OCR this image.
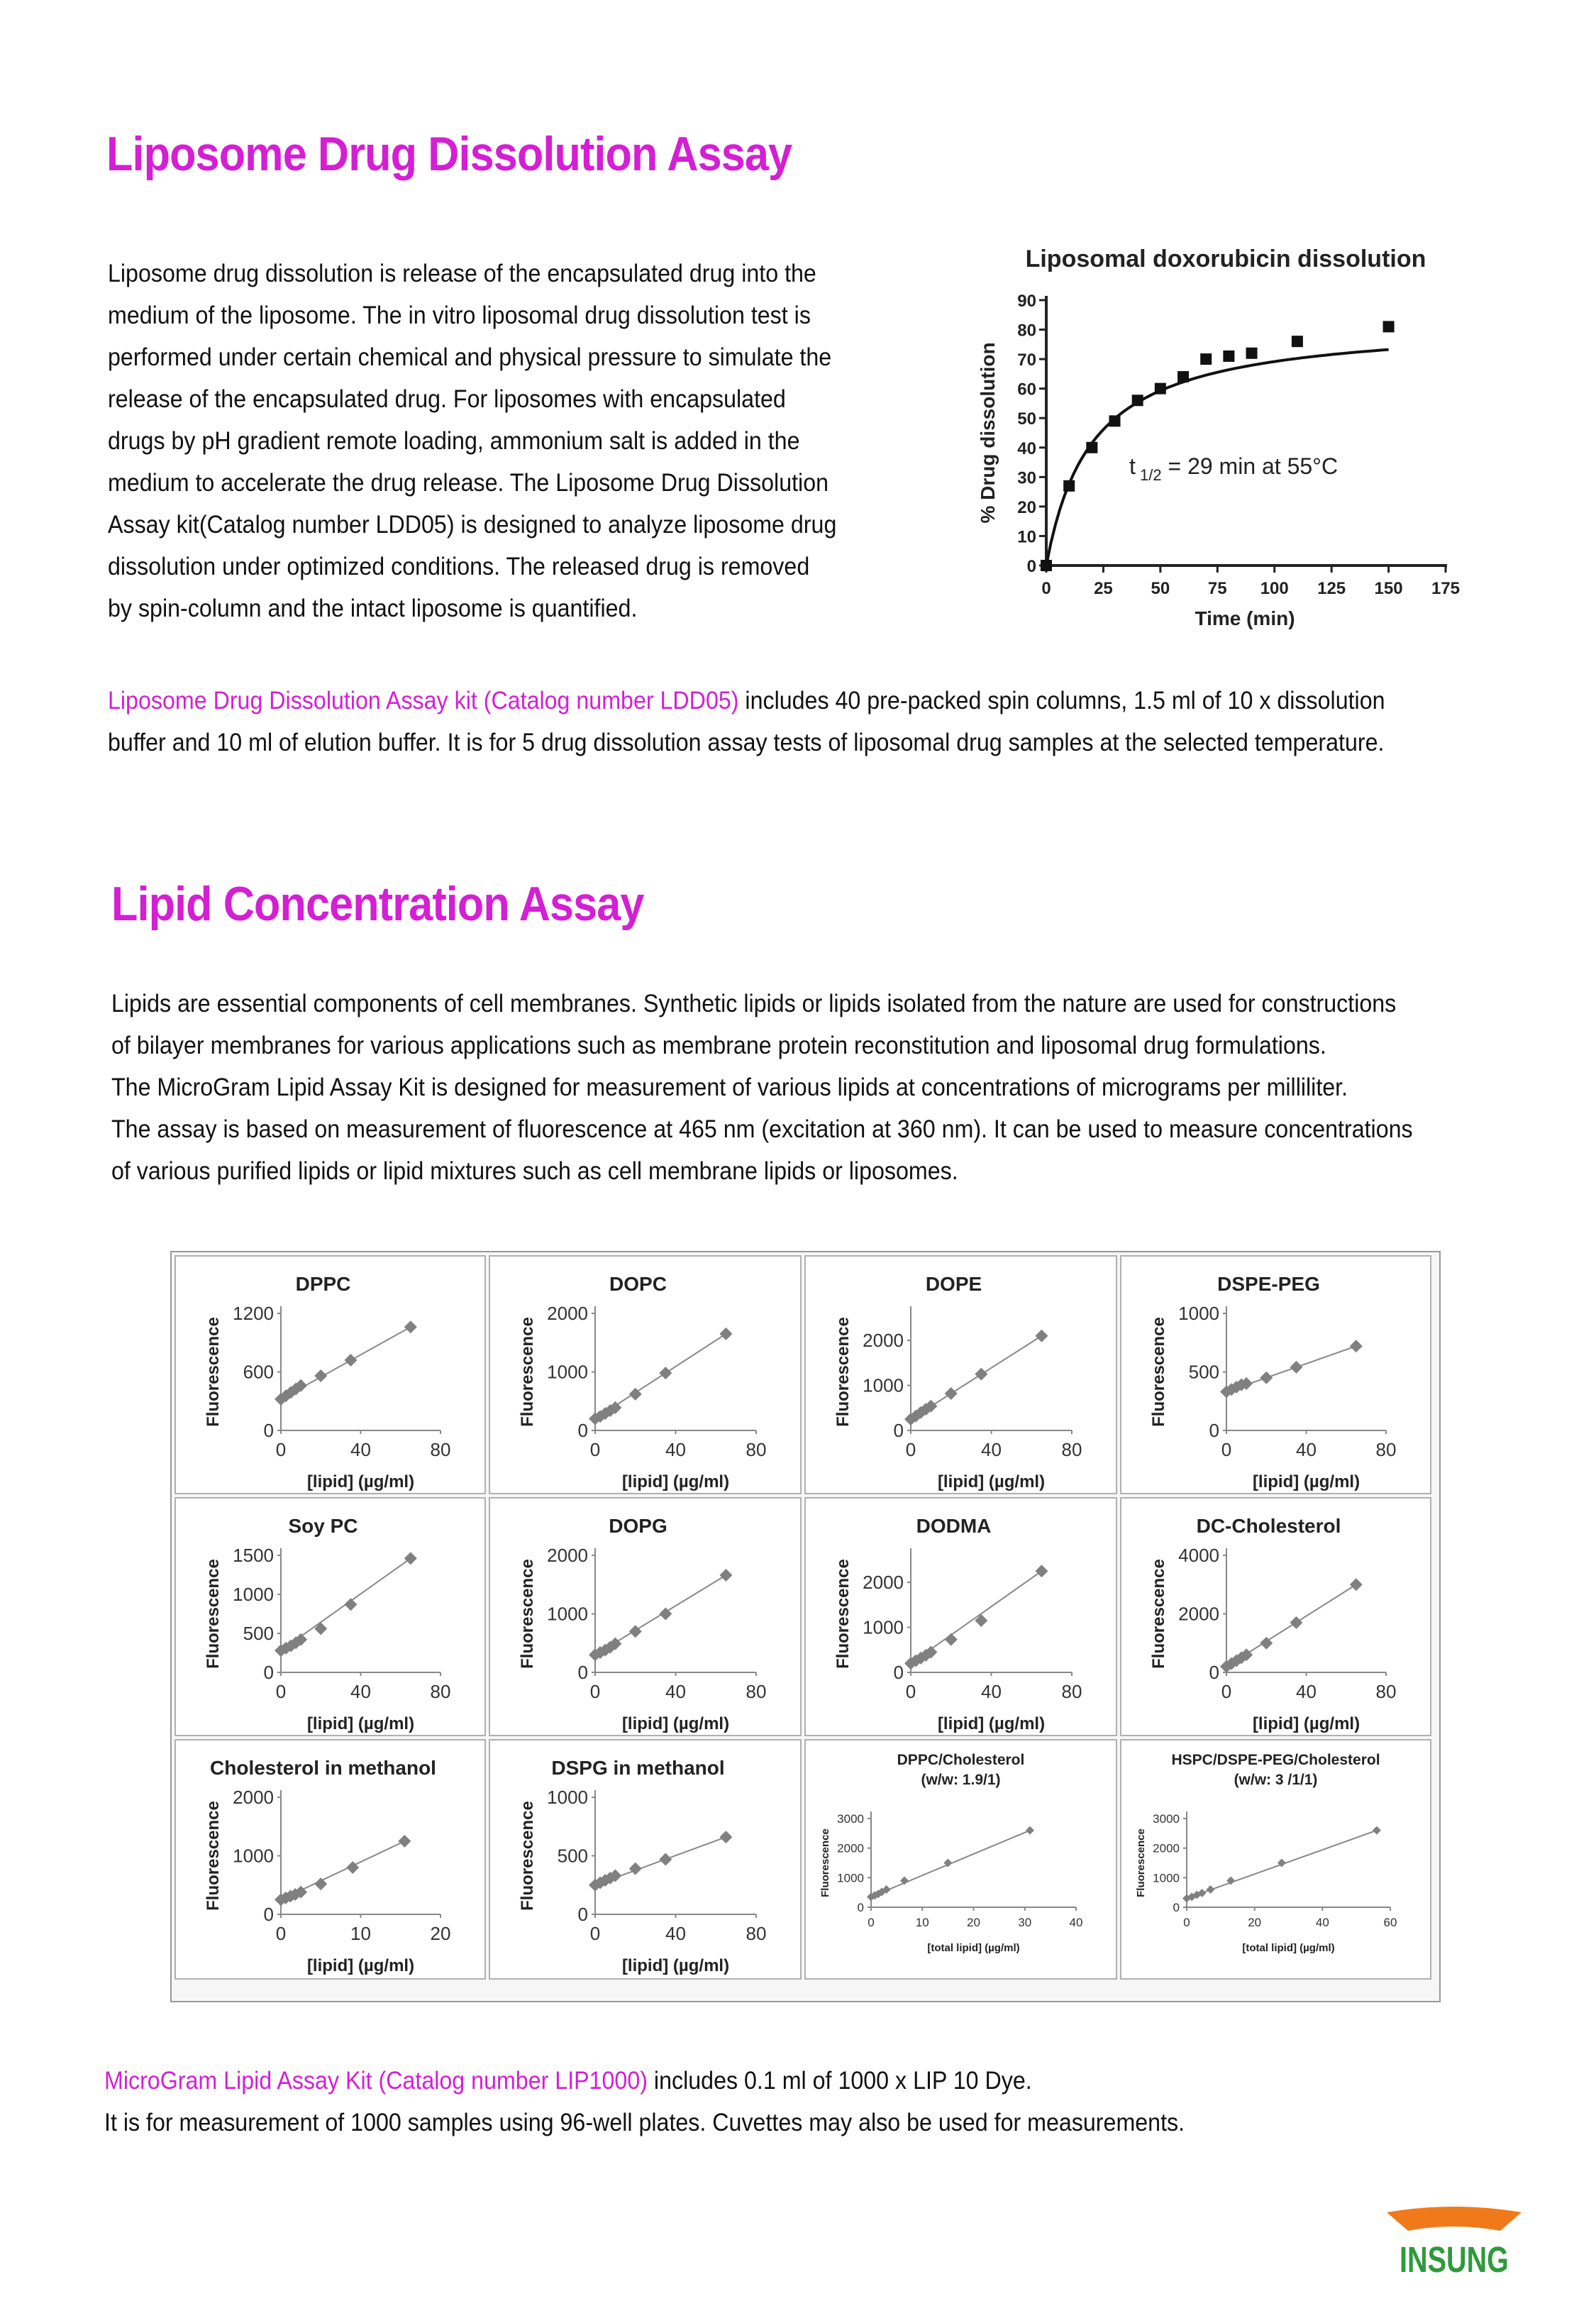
Liposome Drug Dissolution Assay
Liposome drug dissolution is release of the encapsulated drug into the
medium of the liposome. The in vitro liposomal drug dissolution test is
performed under certain chemical and physical pressure to simulate the
release of the encapsulated drug. For liposomes with encapsulated
drugs by pH gradient remote loading, ammonium salt is added in the
medium to accelerate the drug release. The Liposome Drug Dissolution
Assay kit(Catalog number LDD05) is designed to analyze liposome drug
dissolution under optimized conditions. The released drug is removed
by spin-column and the intact liposome is quantified.
Liposomal doxorubicin dissolution
0
10
20
30
40
50
60
70
80
90
0	25 50 75 100 125 150 175
Time (min)
% Drug dissolution	t $_{1/2}$ = 29 min at 55°C
Liposome Drug Dissolution Assay kit (Catalog number LDD05) includes 40 pre-packed spin columns, 1.5 ml of 10 x dissolution
buffer and 10 ml of elution buffer. It is for 5 drug dissolution assay tests of liposomal drug samples at the selected temperature.
Lipid Concentration Assay
Lipids are essential components of cell membranes. Synthetic lipids or lipids isolated from the nature are used for constructions
of bilayer membranes for various applications such as membrane protein reconstitution and liposomal drug formulations.
The MicroGram Lipid Assay Kit is designed for measurement of various lipids at concentrations of micrograms per milliliter.
The assay is based on measurement of fluorescence at 465 nm (excitation at 360 nm). It can be used to measure concentrations
of various purified lipids or lipid mixtures such as cell membrane lipids or liposomes.
DPPC
0
600
1200
0	40	80
[lipid] (µg/ml)
Fluorescence
DOPC
0
1000
2000
0	40	80
[lipid] (µg/ml)
Fluorescence
DOPE
0
1000
2000
0	40	80
[lipid] (µg/ml)
Fluorescence
DSPE-PEG
0
500
1000
0	40	80
[lipid] (µg/ml)
Fluorescence
Soy PC
0
500
1000
1500
0	40	80
[lipid] (µg/ml)
Fluorescence
DOPG
0
1000
2000
0	40	80
[lipid] (µg/ml)
Fluorescence
DODMA
0
1000
2000
0	40	80
[lipid] (µg/ml)
Fluorescence
DC-Cholesterol
0
2000
4000
0	40	80
[lipid] (µg/ml)
Fluorescence
Cholesterol in methanol
0
1000
2000
0	10	20
[lipid] (µg/ml)
Fluorescence
DSPG in methanol
0
500
1000
0	40	80
[lipid] (µg/ml)
Fluorescence
DPPC/Cholesterol
(w/w: 1.9/1)
0
1000
2000
3000
0	10	20	30	40
[total lipid] (µg/ml)
Fluorescence
HSPC/DSPE-PEG/Cholesterol
(w/w: 3 /1/1)
0
1000
2000
3000
0	20	40	60
[total lipid] (µg/ml)
Fluorescence
MicroGram Lipid Assay Kit (Catalog number LIP1000) includes 0.1 ml of 1000 x LIP 10 Dye.
It is for measurement of 1000 samples using 96-well plates. Cuvettes may also be used for measurements.
INSUNG
